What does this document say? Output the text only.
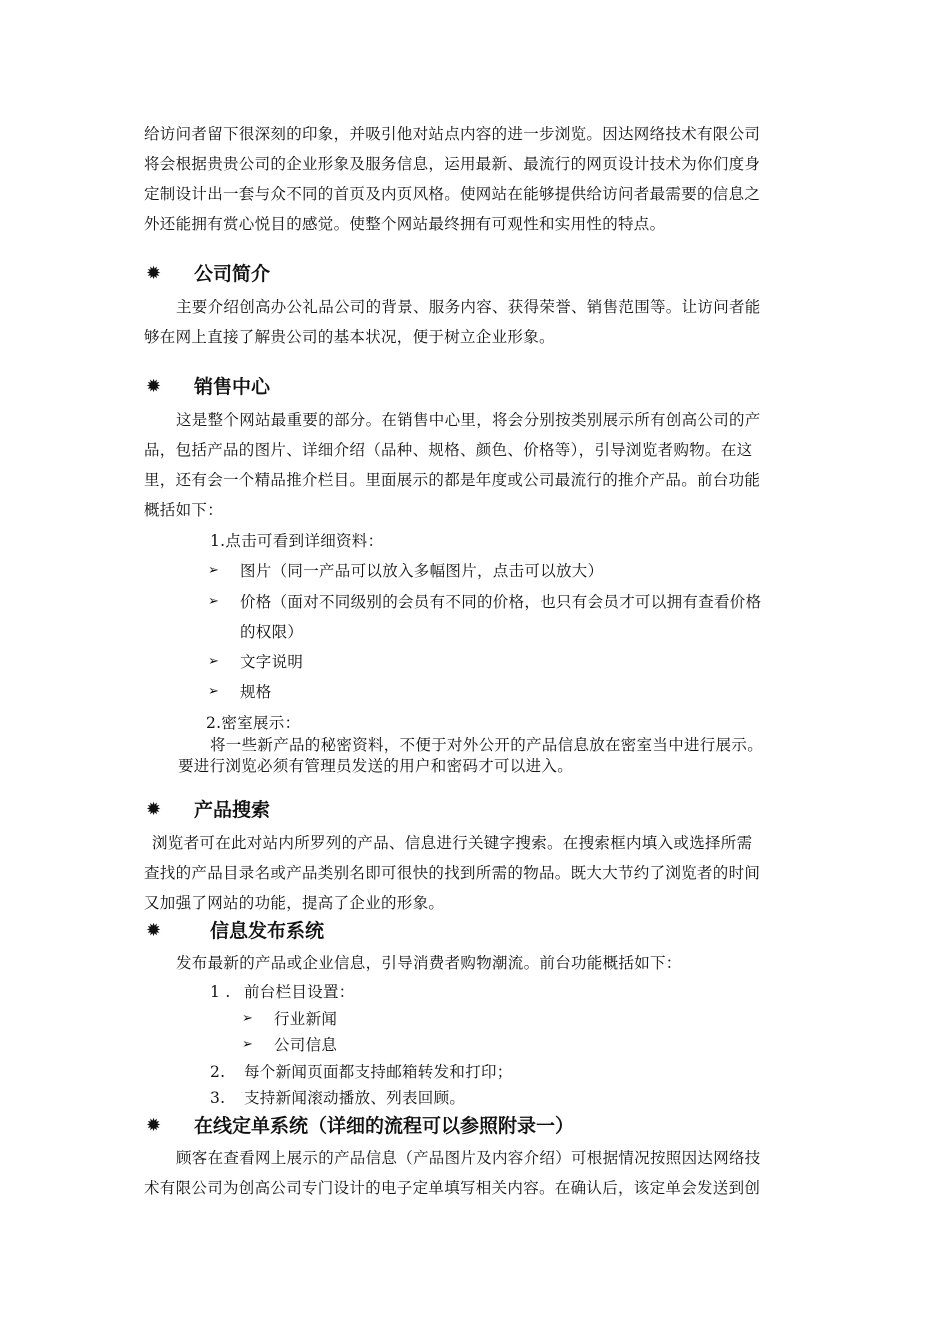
给访问者留下很深刻的印象，并吸引他对站点内容的进一步浏览。因达网络技术有限公司
将会根据贵贵公司的企业形象及服务信息，运用最新、最流行的网页设计技术为你们度身
定制设计出一套与众不同的首页及内页风格。使网站在能够提供给访问者最需要的信息之
外还能拥有赏心悦目的感觉。使整个网站最终拥有可观性和实用性的特点。
✹ 公司简介
主要介绍创高办公礼品公司的背景、服务内容、获得荣誉、销售范围等。让访问者能
够在网上直接了解贵公司的基本状况，便于树立企业形象。
✹ 销售中心
这是整个网站最重要的部分。在销售中心里，将会分别按类别展示所有创高公司的产
品，包括产品的图片、详细介绍（品种、规格、颜色、价格等），引导浏览者购物。在这
里，还有会一个精品推介栏目。里面展示的都是年度或公司最流行的推介产品。前台功能
概括如下：
1.点击可看到详细资料：
➢ 图片（同一产品可以放入多幅图片，点击可以放大）
➢ 价格（面对不同级别的会员有不同的价格，也只有会员才可以拥有查看价格
的权限）
➢ 文字说明
➢ 规格
2.密室展示：
将一些新产品的秘密资料，不便于对外公开的产品信息放在密室当中进行展示。
要进行浏览必须有管理员发送的用户和密码才可以进入。
✹ 产品搜索
浏览者可在此对站内所罗列的产品、信息进行关键字搜索。在搜索框内填入或选择所需
查找的产品目录名或产品类别名即可很快的找到所需的物品。既大大节约了浏览者的时间
又加强了网站的功能，提高了企业的形象。
✹	信息发布系统
发布最新的产品或企业信息，引导消费者购物潮流。前台功能概括如下：
1 . 前台栏目设置：
➢ 行业新闻
➢ 公司信息
2. 每个新闻页面都支持邮箱转发和打印；
3. 支持新闻滚动播放、列表回顾。
✹ 在线定单系统（详细的流程可以参照附录一）
顾客在查看网上展示的产品信息（产品图片及内容介绍）可根据情况按照因达网络技
术有限公司为创高公司专门设计的电子定单填写相关内容。在确认后，该定单会发送到创
